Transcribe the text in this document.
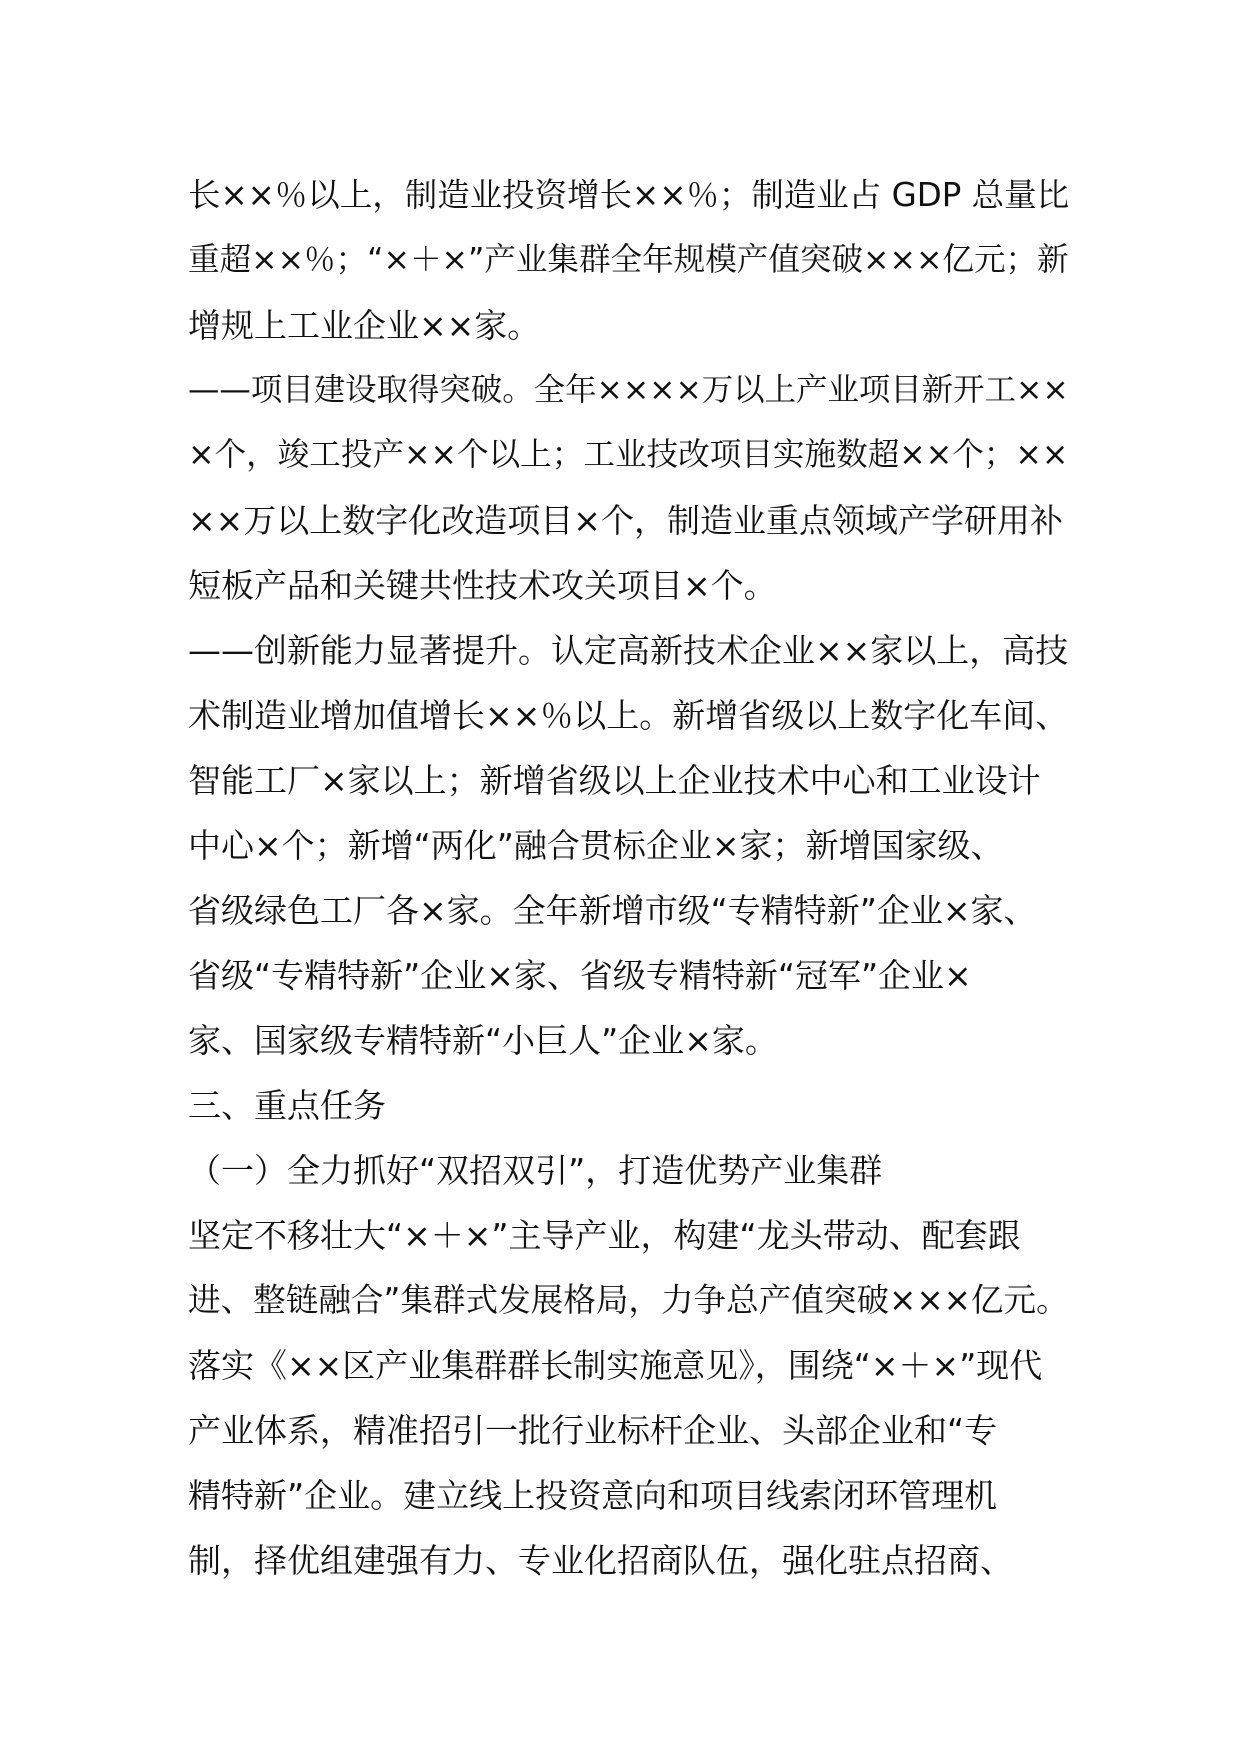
长××％以上，制造业投资增长××％；制造业占 GDP 总量比
重超××％；“×＋×”产业集群全年规模产值突破×××亿元；新
增规上工业企业××家。
——项目建设取得突破。全年××××万以上产业项目新开工××
×个，竣工投产××个以上；工业技改项目实施数超××个；××
××万以上数字化改造项目×个，制造业重点领域产学研用补
短板产品和关键共性技术攻关项目×个。
——创新能力显著提升。认定高新技术企业××家以上，高技
术制造业增加值增长××％以上。新增省级以上数字化车间、
智能工厂×家以上；新增省级以上企业技术中心和工业设计
中心×个；新增“两化”融合贯标企业×家；新增国家级、
省级绿色工厂各×家。全年新增市级“专精特新”企业×家、
省级“专精特新”企业×家、省级专精特新“冠军”企业×
家、国家级专精特新“小巨人”企业×家。
三、重点任务
（一）全力抓好“双招双引”，打造优势产业集群
坚定不移壮大“×＋×”主导产业，构建“龙头带动、配套跟
进、整链融合”集群式发展格局，力争总产值突破×××亿元。
落实《××区产业集群群长制实施意见》，围绕“×＋×”现代
产业体系，精准招引一批行业标杆企业、头部企业和“专
精特新”企业。建立线上投资意向和项目线索闭环管理机
制，择优组建强有力、专业化招商队伍，强化驻点招商、
